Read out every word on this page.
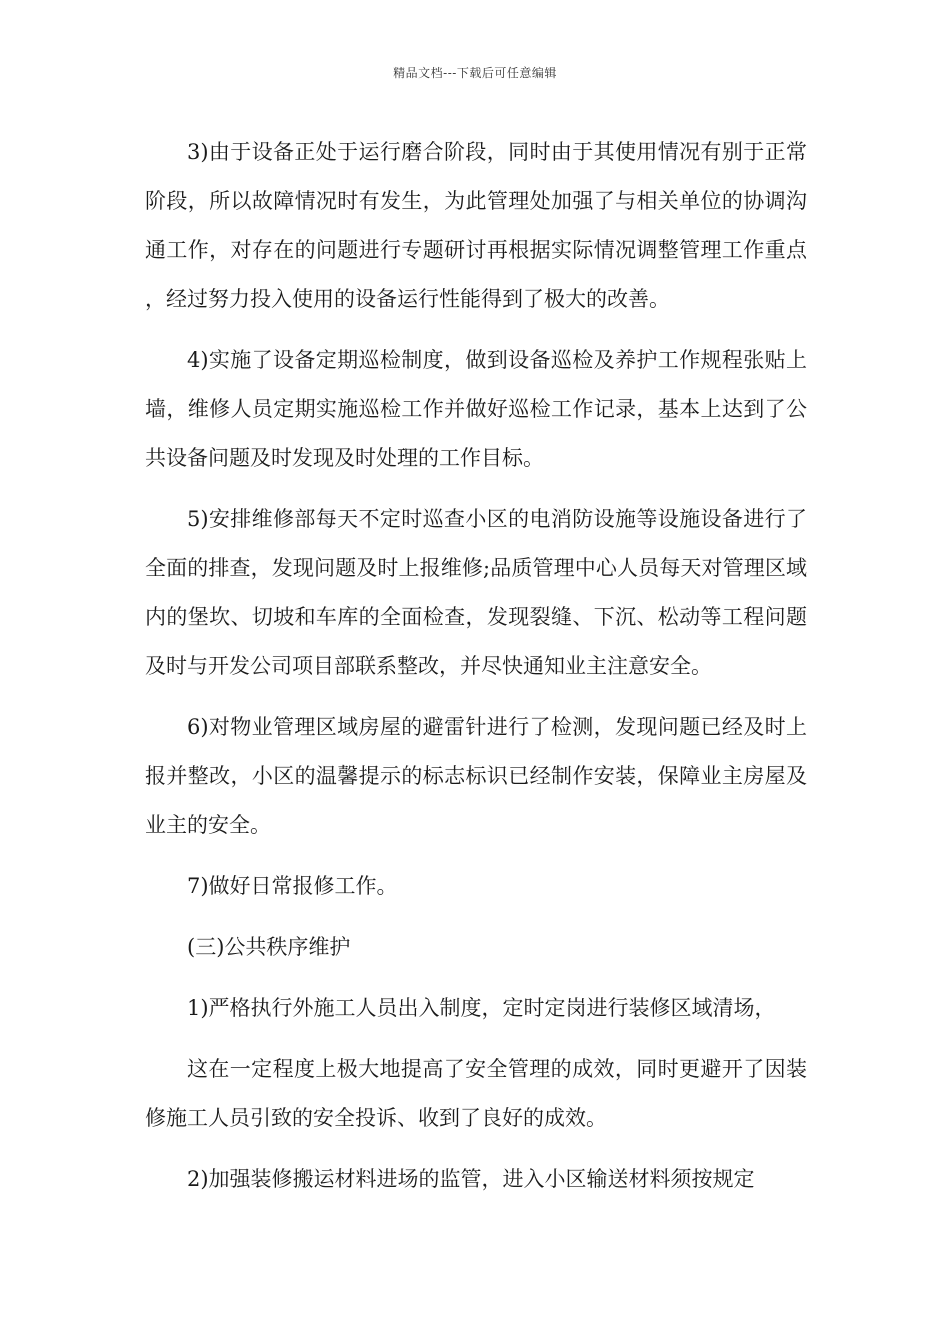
精品文档---下载后可任意编辑

3)由于设备正处于运行磨合阶段，同时由于其使用情况有别于正常阶段，所以故障情况时有发生，为此管理处加强了与相关单位的协调沟通工作，对存在的问题进行专题研讨再根据实际情况调整管理工作重点，经过努力投入使用的设备运行性能得到了极大的改善。

4)实施了设备定期巡检制度，做到设备巡检及养护工作规程张贴上墙，维修人员定期实施巡检工作并做好巡检工作记录，基本上达到了公共设备问题及时发现及时处理的工作目标。

5)安排维修部每天不定时巡查小区的电消防设施等设施设备进行了全面的排查，发现问题及时上报维修;品质管理中心人员每天对管理区域内的堡坎、切坡和车库的全面检查，发现裂缝、下沉、松动等工程问题及时与开发公司项目部联系整改，并尽快通知业主注意安全。

6)对物业管理区域房屋的避雷针进行了检测，发现问题已经及时上报并整改，小区的温馨提示的标志标识已经制作安装，保障业主房屋及业主的安全。

7)做好日常报修工作。

(三)公共秩序维护

1)严格执行外施工人员出入制度，定时定岗进行装修区域清场，

这在一定程度上极大地提高了安全管理的成效，同时更避开了因装修施工人员引致的安全投诉、收到了良好的成效。

2)加强装修搬运材料进场的监管，进入小区输送材料须按规定
